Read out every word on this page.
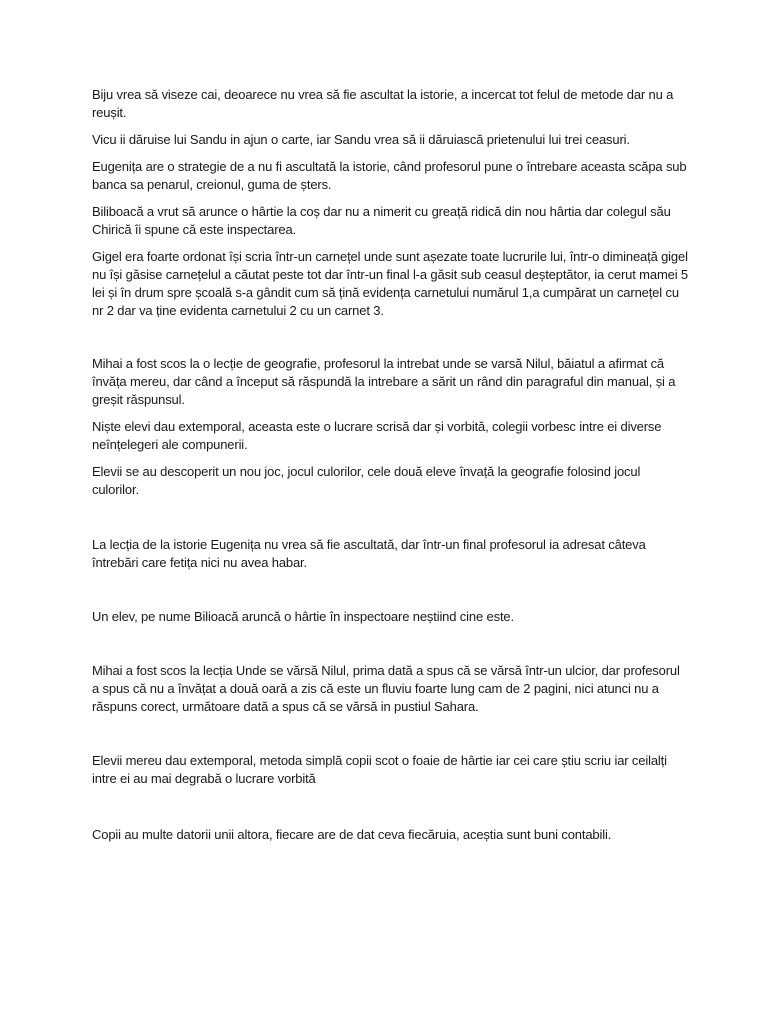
Biju vrea să viseze cai, deoarece nu vrea să fie ascultat la istorie, a incercat tot felul de metode dar nu a reușit.

Vicu ii dăruise lui Sandu in ajun o carte, iar Sandu vrea să ii dăruiască prietenului lui trei ceasuri.

Eugenița are o strategie de a nu fi ascultată la istorie, când profesorul pune o întrebare aceasta scăpa sub banca sa penarul, creionul, guma de șters.

Biliboacă a vrut să arunce o hârtie la coș dar nu a nimerit cu greață ridică din nou hârtia dar colegul său Chirică îi spune că este inspectarea.

Gigel era foarte ordonat își scria într-un carnețel unde sunt așezate toate lucrurile lui, într-o dimineață gigel nu își găsise carnețelul a căutat peste tot dar într-un final l-a găsit sub ceasul deșteptător, ia cerut mamei 5 lei și în drum spre școală s-a gândit cum să țină evidența carnetului numărul 1,a cumpărat un carnețel cu nr 2 dar va ține evidenta carnetului 2 cu un carnet 3.

Mihai a fost scos la o lecție de geografie, profesorul la intrebat unde se varsă Nilul, băiatul a afirmat că învăța mereu, dar când a început să răspundă la intrebare a sărit un rând din paragraful din manual, și a greșit răspunsul.

Niște elevi dau extemporal, aceasta este o lucrare scrisă dar și vorbită, colegii vorbesc intre ei diverse neînțelegeri ale compunerii.

Elevii se au descoperit un nou joc, jocul culorilor, cele două eleve învață la geografie folosind jocul culorilor.

La lecția de la istorie Eugenița nu vrea să fie ascultată, dar într-un final profesorul ia adresat câteva întrebări care fetița nici nu avea habar.

Un elev, pe nume Bilioacă aruncă o hârtie în inspectoare neștiind cine este.

Mihai a fost scos la lecția Unde se vărsă Nilul, prima dată a spus că se vărsă într-un ulcior, dar profesorul a spus că nu a învățat a două oară a zis că este un fluviu foarte lung cam de 2 pagini, nici atunci nu a răspuns corect, următoare dată a spus că se vărsă in pustiul Sahara.

Elevii mereu dau extemporal, metoda simplă copii scot o foaie de hârtie iar cei care știu scriu iar ceilalți intre ei au mai degrabă o lucrare vorbită

Copii au multe datorii unii altora, fiecare are de dat ceva fiecăruia, aceștia sunt buni contabili.
